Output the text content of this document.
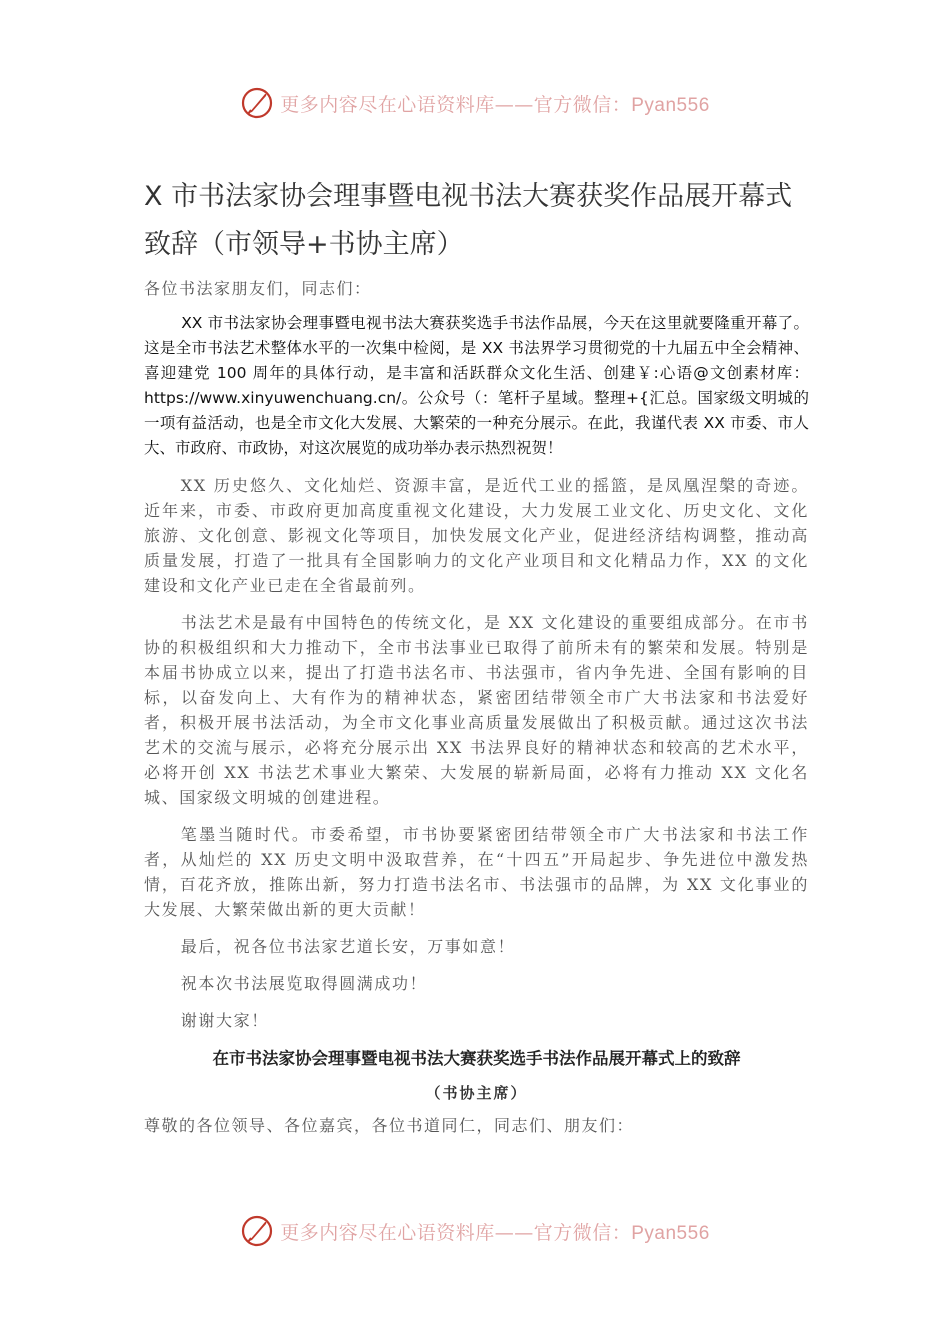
更多内容尽在心语资料库——官方微信：Pyan556
X 市书法家协会理事暨电视书法大赛获奖作品展开幕式致辞（市领导+书协主席）

各位书法家朋友们，同志们：

XX 市书法家协会理事暨电视书法大赛获奖选手书法作品展，今天在这里就要隆重开幕了。这是全市书法艺术整体水平的一次集中检阅，是 XX 书法界学习贯彻党的十九届五中全会精神、喜迎建党 100 周年的具体行动，是丰富和活跃群众文化生活、创建￥:心语@文创素材库：https://www.xinyuwenchuang.cn/。公众号（：笔杆子星域。整理+{汇总。国家级文明城的一项有益活动，也是全市文化大发展、大繁荣的一种充分展示。在此，我谨代表 XX 市委、市人大、市政府、市政协，对这次展览的成功举办表示热烈祝贺！

XX 历史悠久、文化灿烂、资源丰富，是近代工业的摇篮，是凤凰涅槃的奇迹。近年来，市委、市政府更加高度重视文化建设，大力发展工业文化、历史文化、文化旅游、文化创意、影视文化等项目，加快发展文化产业，促进经济结构调整，推动高质量发展，打造了一批具有全国影响力的文化产业项目和文化精品力作，XX 的文化建设和文化产业已走在全省最前列。

书法艺术是最有中国特色的传统文化，是 XX 文化建设的重要组成部分。在市书协的积极组织和大力推动下，全市书法事业已取得了前所未有的繁荣和发展。特别是本届书协成立以来，提出了打造书法名市、书法强市，省内争先进、全国有影响的目标，以奋发向上、大有作为的精神状态，紧密团结带领全市广大书法家和书法爱好者，积极开展书法活动，为全市文化事业高质量发展做出了积极贡献。通过这次书法艺术的交流与展示，必将充分展示出 XX 书法界良好的精神状态和较高的艺术水平，必将开创 XX 书法艺术事业大繁荣、大发展的崭新局面，必将有力推动 XX 文化名城、国家级文明城的创建进程。

笔墨当随时代。市委希望，市书协要紧密团结带领全市广大书法家和书法工作者，从灿烂的 XX 历史文明中汲取营养，在“十四五”开局起步、争先进位中激发热情，百花齐放，推陈出新，努力打造书法名市、书法强市的品牌，为 XX 文化事业的大发展、大繁荣做出新的更大贡献！

最后，祝各位书法家艺道长安，万事如意！

祝本次书法展览取得圆满成功！

谢谢大家！

在市书法家协会理事暨电视书法大赛获奖选手书法作品展开幕式上的致辞

（书协主席）

尊敬的各位领导、各位嘉宾，各位书道同仁，同志们、朋友们：

更多内容尽在心语资料库——官方微信：Pyan556
